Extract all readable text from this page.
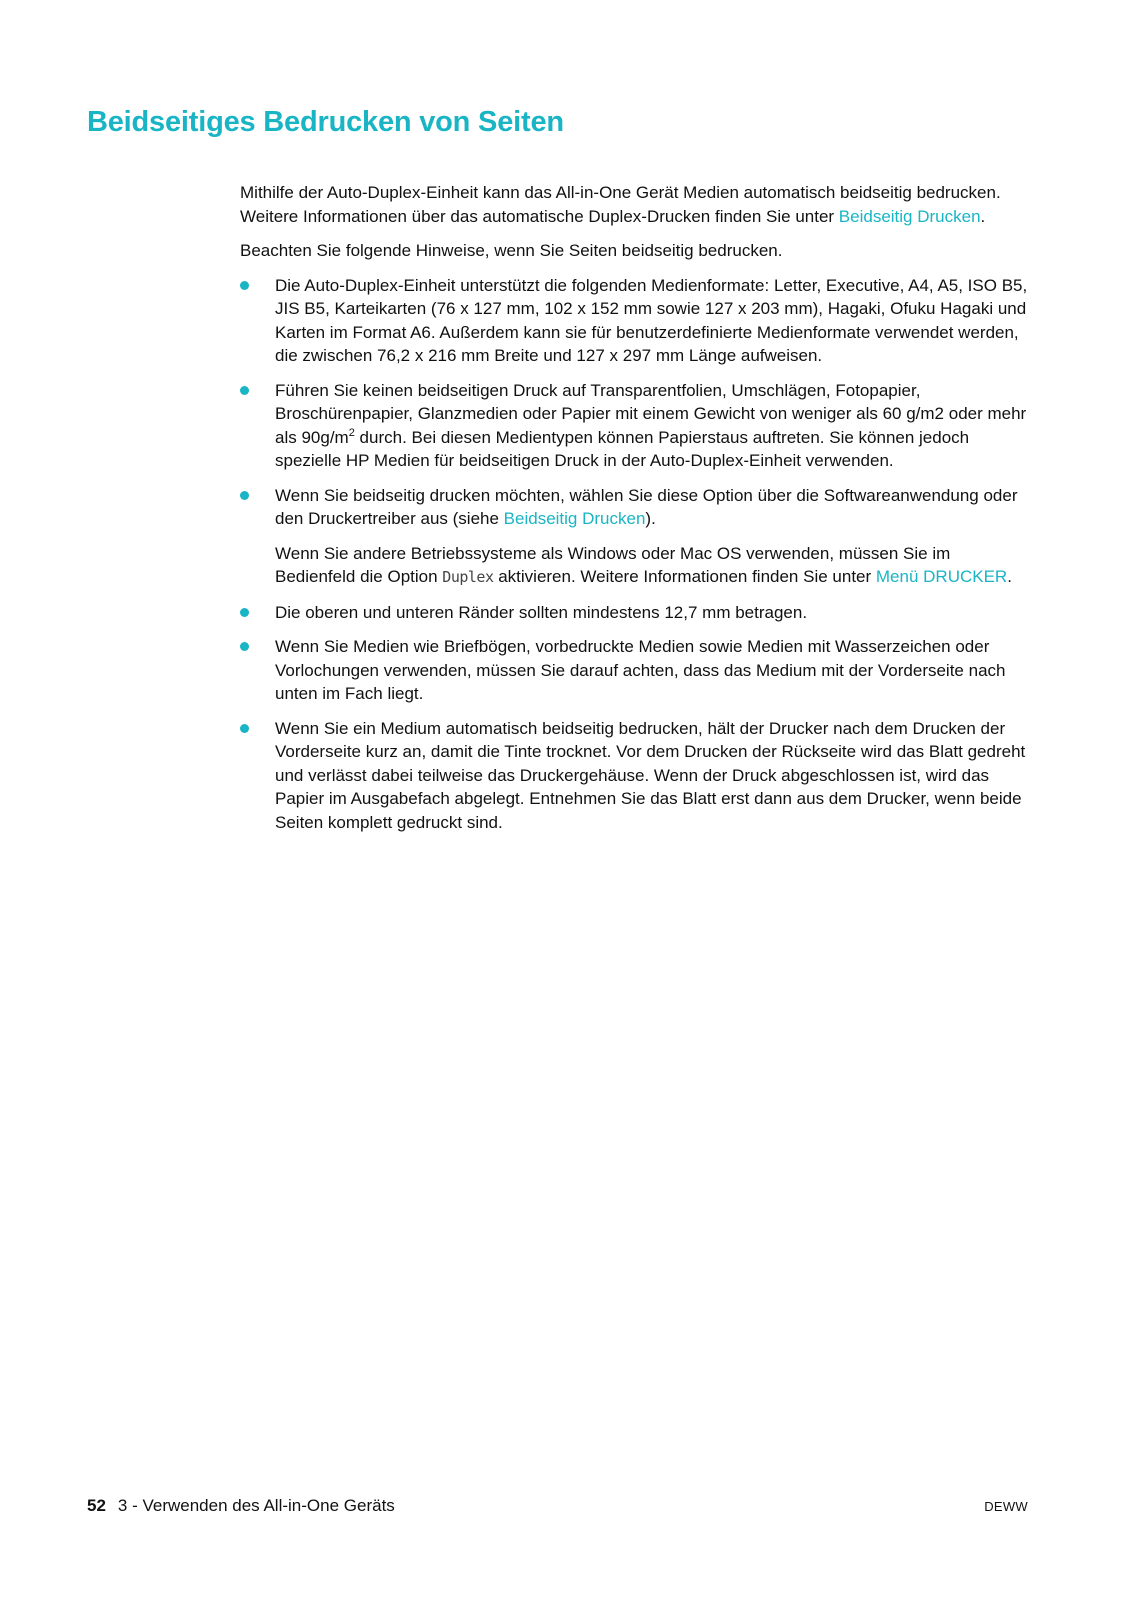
Beidseitiges Bedrucken von Seiten

Mithilfe der Auto-Duplex-Einheit kann das All-in-One Gerät Medien automatisch beidseitig bedrucken. Weitere Informationen über das automatische Duplex-Drucken finden Sie unter Beidseitig Drucken.

Beachten Sie folgende Hinweise, wenn Sie Seiten beidseitig bedrucken.

Die Auto-Duplex-Einheit unterstützt die folgenden Medienformate: Letter, Executive, A4, A5, ISO B5, JIS B5, Karteikarten (76 x 127 mm, 102 x 152 mm sowie 127 x 203 mm), Hagaki, Ofuku Hagaki und Karten im Format A6. Außerdem kann sie für benutzerdefinierte Medienformate verwendet werden, die zwischen 76,2 x 216 mm Breite und 127 x 297 mm Länge aufweisen.
Führen Sie keinen beidseitigen Druck auf Transparentfolien, Umschlägen, Fotopapier, Broschürenpapier, Glanzmedien oder Papier mit einem Gewicht von weniger als 60 g/m2 oder mehr als $90g/m^2$ durch. Bei diesen Medientypen können Papierstaus auftreten. Sie können jedoch spezielle HP Medien für beidseitigen Druck in der Auto-Duplex-Einheit verwenden.
Wenn Sie beidseitig drucken möchten, wählen Sie diese Option über die Softwareanwendung oder den Druckertreiber aus (siehe Beidseitig Drucken).
Wenn Sie andere Betriebssysteme als Windows oder Mac OS verwenden, müssen Sie im Bedienfeld die Option Duplex aktivieren. Weitere Informationen finden Sie unter Menü DRUCKER.
Die oberen und unteren Ränder sollten mindestens 12,7 mm betragen.
Wenn Sie Medien wie Briefbögen, vorbedruckte Medien sowie Medien mit Wasserzeichen oder Vorlochungen verwenden, müssen Sie darauf achten, dass das Medium mit der Vorderseite nach unten im Fach liegt.
Wenn Sie ein Medium automatisch beidseitig bedrucken, hält der Drucker nach dem Drucken der Vorderseite kurz an, damit die Tinte trocknet. Vor dem Drucken der Rückseite wird das Blatt gedreht und verlässt dabei teilweise das Druckergehäuse. Wenn der Druck abgeschlossen ist, wird das Papier im Ausgabefach abgelegt. Entnehmen Sie das Blatt erst dann aus dem Drucker, wenn beide Seiten komplett gedruckt sind.
52 3 - Verwenden des All-in-One Geräts	DEWW
